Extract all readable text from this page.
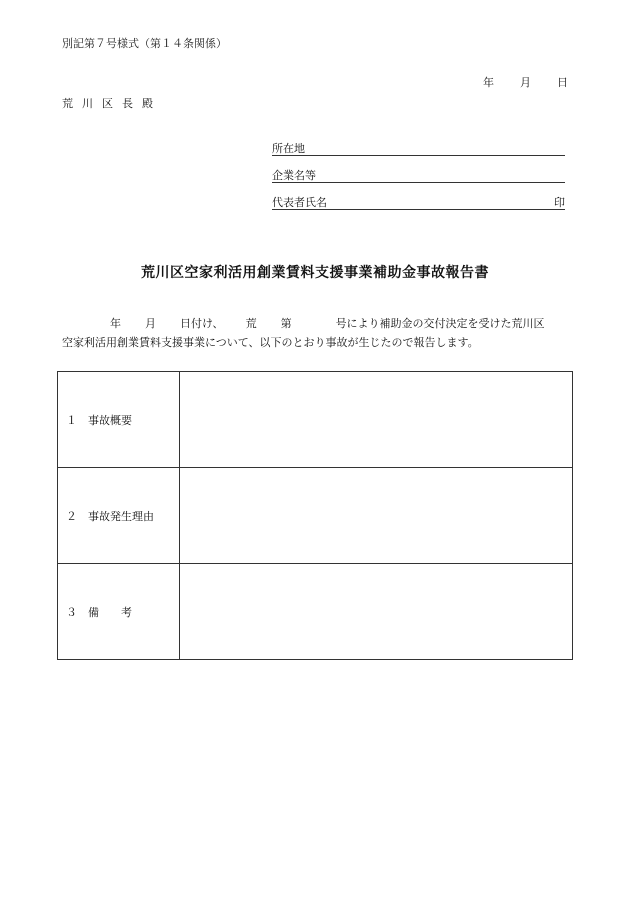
別記第７号様式（第１４条関係）
年 月 日
荒川区長殿
所在地
企業名等
代表者氏名	印
荒川区空家利活用創業賃料支援事業補助金事故報告書
年 月 日付け、 荒 第	号により補助金の交付決定を受けた荒川区
空家利活用創業賃料支援事業について、以下のとおり事故が生じたので報告します。
１ 事故概要	
２ 事故発生理由	
３ 備　　考	
